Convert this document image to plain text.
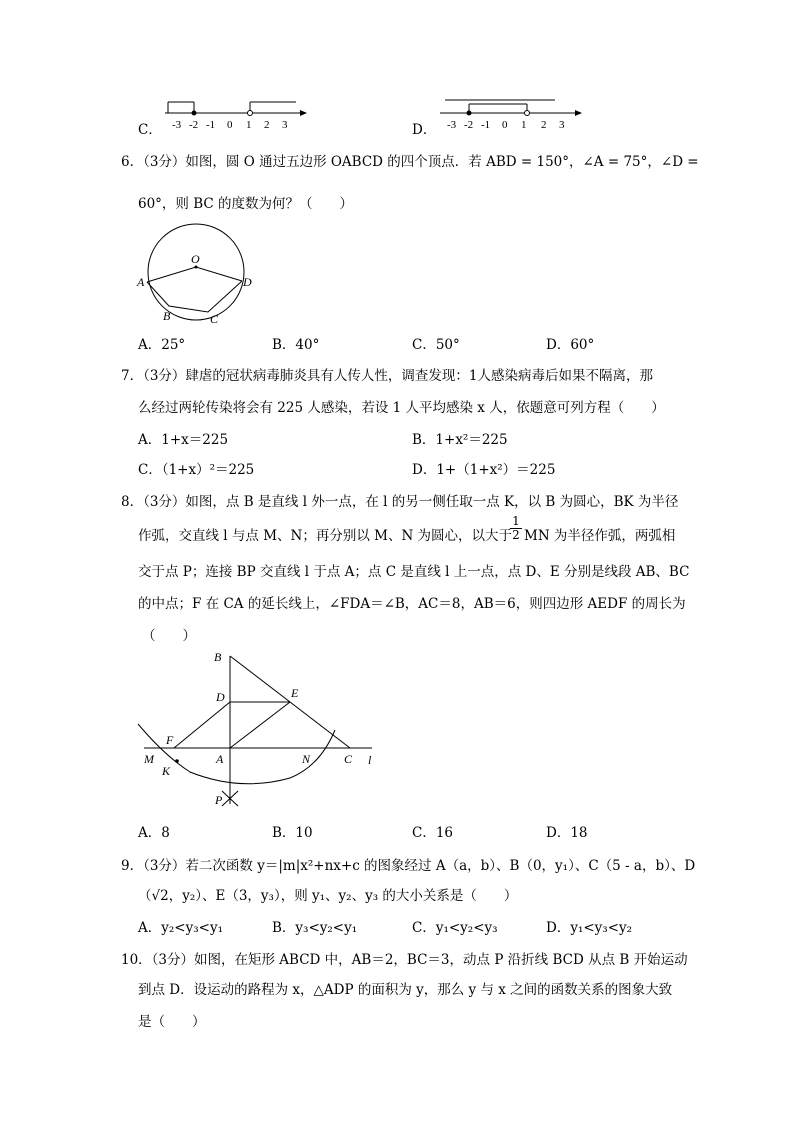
C． -3 -2 -1 0 1 2 3	D． -3 -2 -1 0 1 2 3
6．（3分）如图，圆 O 通过五边形 OABCD 的四个顶点．若 ABD = 150°，∠A = 75°，∠D =
60°，则 BC 的度数为何？（　　）
O
A
B	C
D
A．25°	B．40°	C．50°	D．60°
7．（3分）肆虐的冠状病毒肺炎具有人传人性，调查发现：1人感染病毒后如果不隔离，那
么经过两轮传染将会有 225 人感染，若设 1 人平均感染 x 人，依题意可列方程（　　）
A．1+x＝225	B．1+x²＝225
C．（1+x）²＝225	D．1+（1+x²）＝225
8．（3分）如图，点 B 是直线 l 外一点，在 l 的另一侧任取一点 K，以 B 为圆心，BK 为半径
作弧，交直线 l 与点 M、N；再分别以 M、N 为圆心，以大于
$\frac{1}{2}$ MN 为半径作弧，两弧相
交于点 P；连接 BP 交直线 l 于点 A；点 C 是直线 l 上一点，点 D、E 分别是线段 AB、BC
的中点；F 在 CA 的延长线上，∠FDA＝∠B，AC＝8，AB＝6，则四边形 AEDF 的周长为
（　　）
B
D	E
F
M
K
A	N	C l
P
A．8	B．10	C．16	D．18
9．（3分）若二次函数 y＝|m|x²+nx+c 的图象经过 A（a，b）、B（0，y₁）、C（5 - a，b）、D
（√2，y₂）、E（3，y₃），则 y₁、y₂、y₃ 的大小关系是（　　）
A．y₂<y₃<y₁	B．y₃<y₂<y₁	C．y₁<y₂<y₃	D．y₁<y₃<y₂
10．（3分）如图，在矩形 ABCD 中，AB＝2，BC＝3，动点 P 沿折线 BCD 从点 B 开始运动
到点 D．设运动的路程为 x，△ADP 的面积为 y，那么 y 与 x 之间的函数关系的图象大致
是（　　）
